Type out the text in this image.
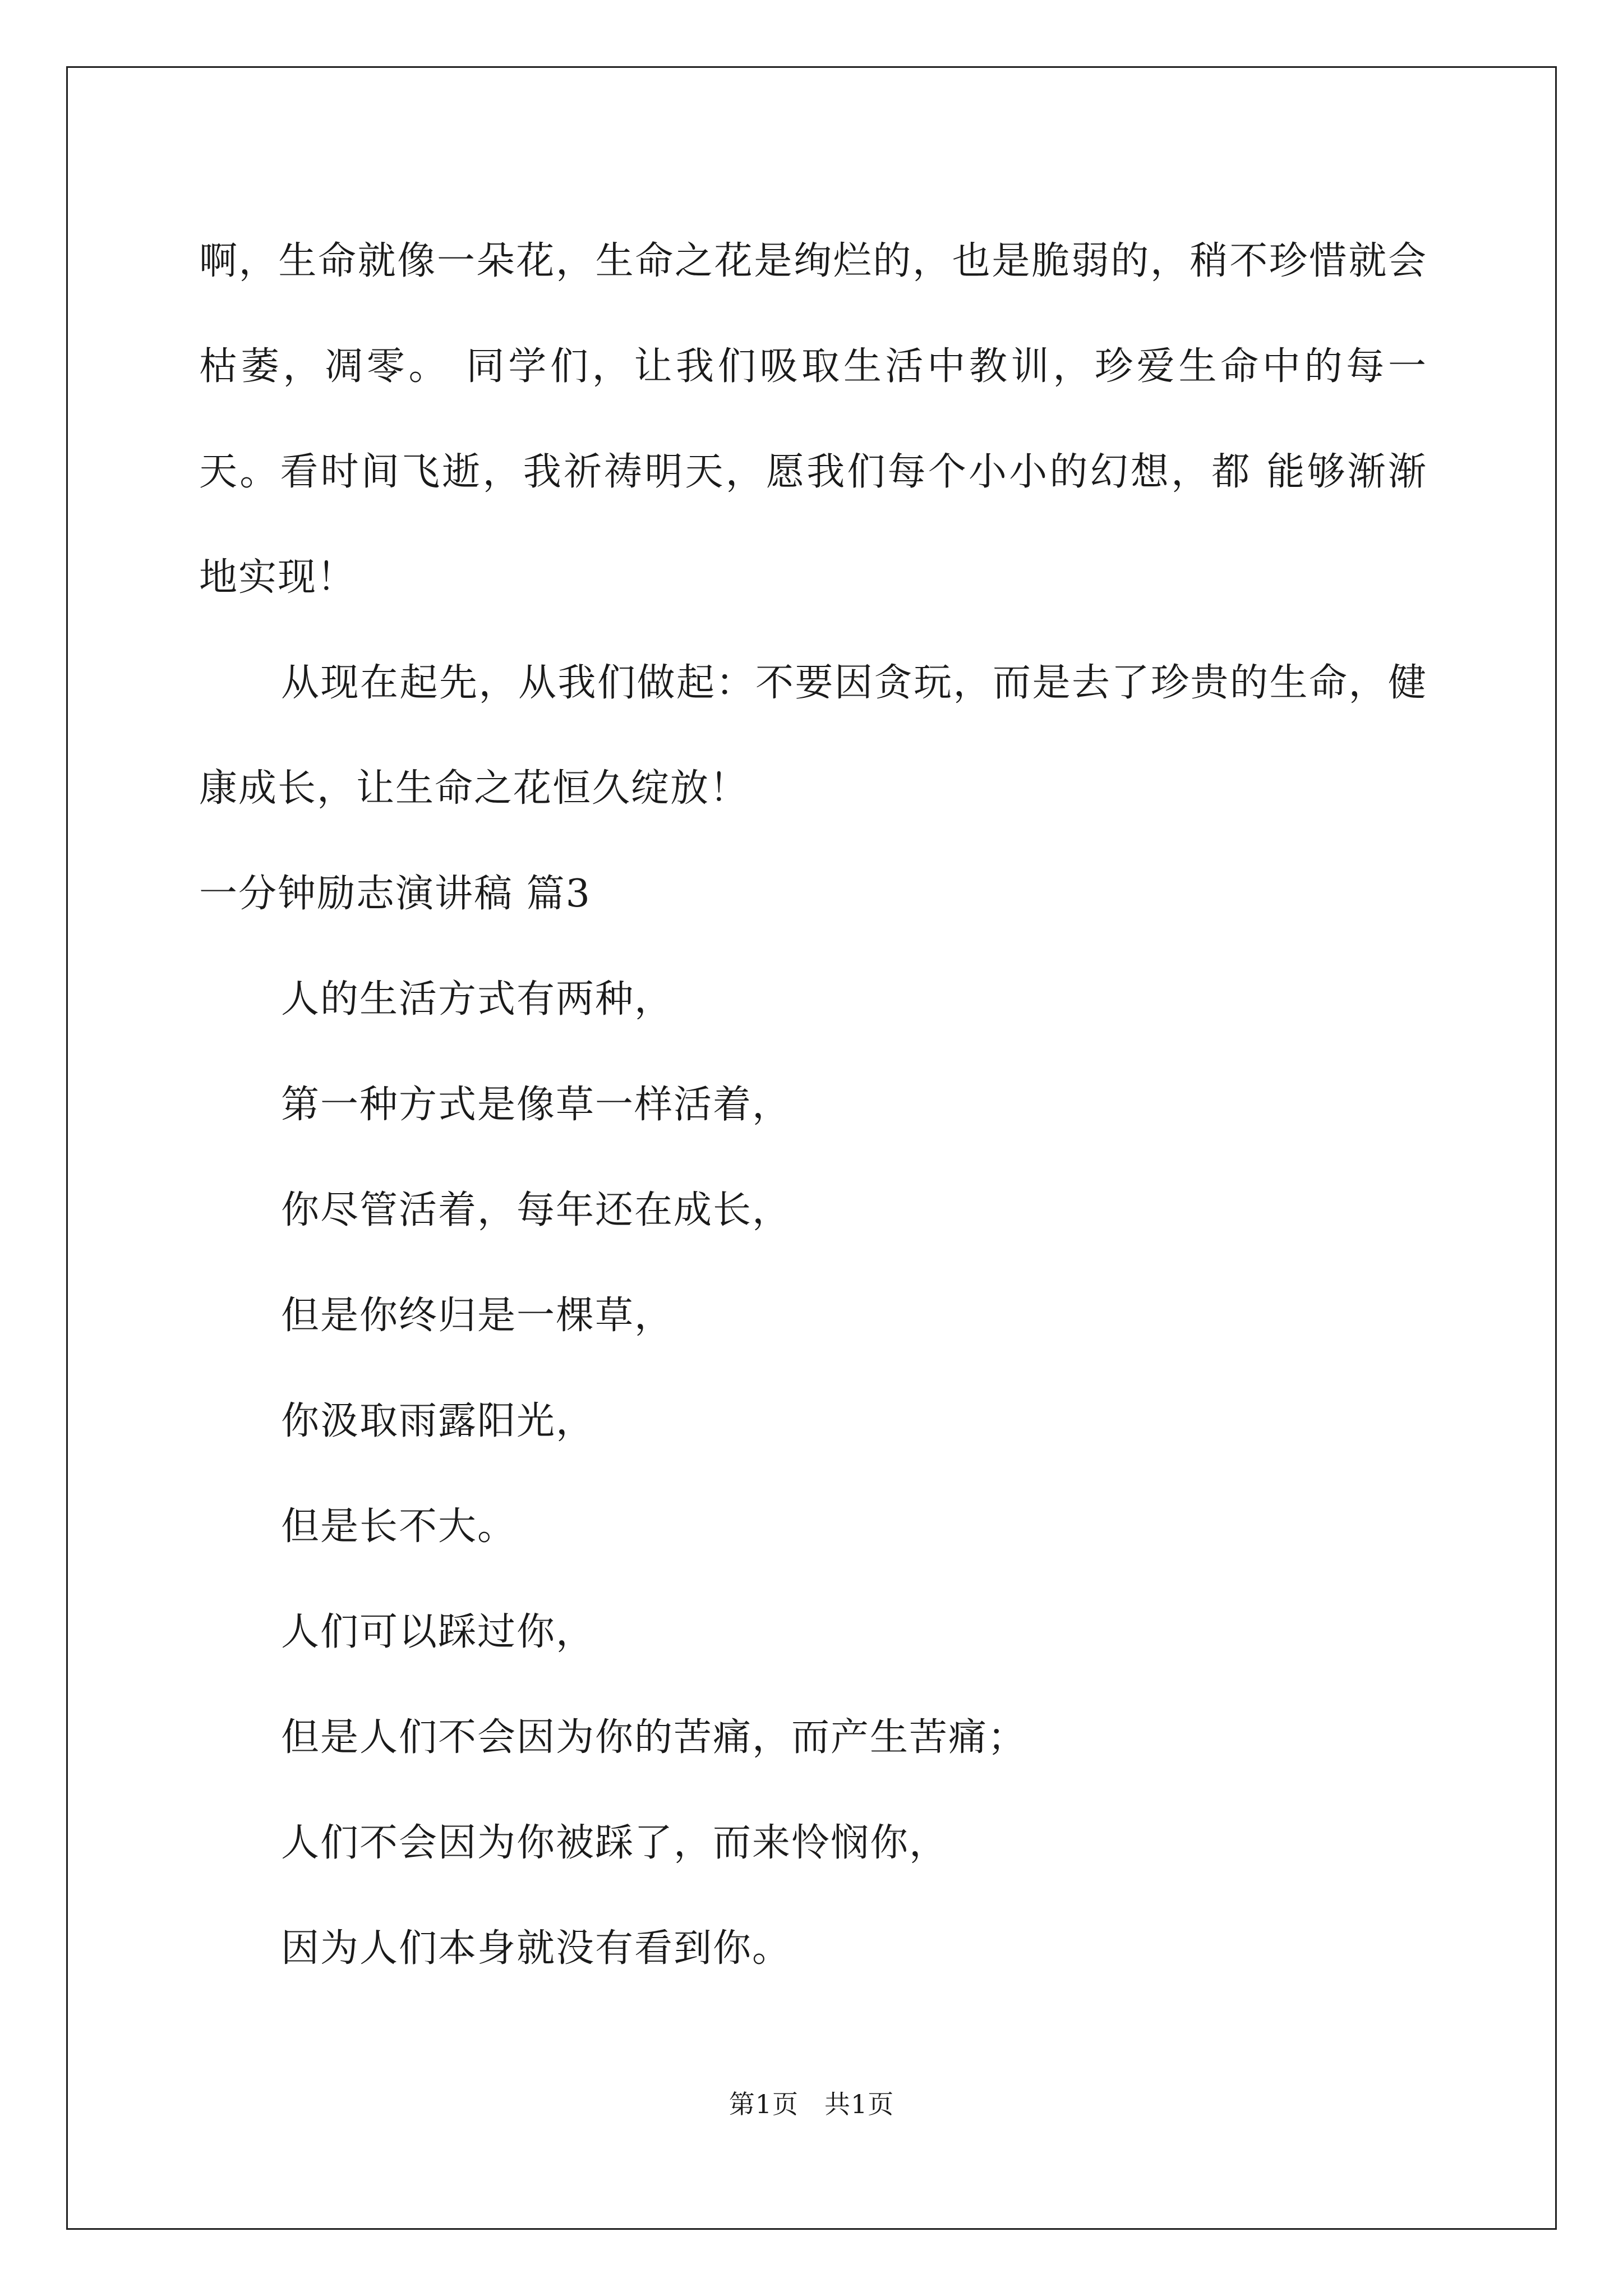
啊，生命就像一朵花，生命之花是绚烂的，也是脆弱的，稍不珍惜就会枯萎，凋零。 同学们，让我们吸取生活中教训，珍爱生命中的每一天。看时间飞逝，我祈祷明天，愿我们每个小小的幻想，都 能够渐渐地实现！

从现在起先，从我们做起：不要因贪玩，而是去了珍贵的生命，健康成长，让生命之花恒久绽放！

一分钟励志演讲稿 篇3

人的生活方式有两种，

第一种方式是像草一样活着，

你尽管活着，每年还在成长，

但是你终归是一棵草，

你汲取雨露阳光，

但是长不大。

人们可以踩过你，

但是人们不会因为你的苦痛，而产生苦痛；

人们不会因为你被踩了，而来怜悯你，

因为人们本身就没有看到你。

第1页 共1页
